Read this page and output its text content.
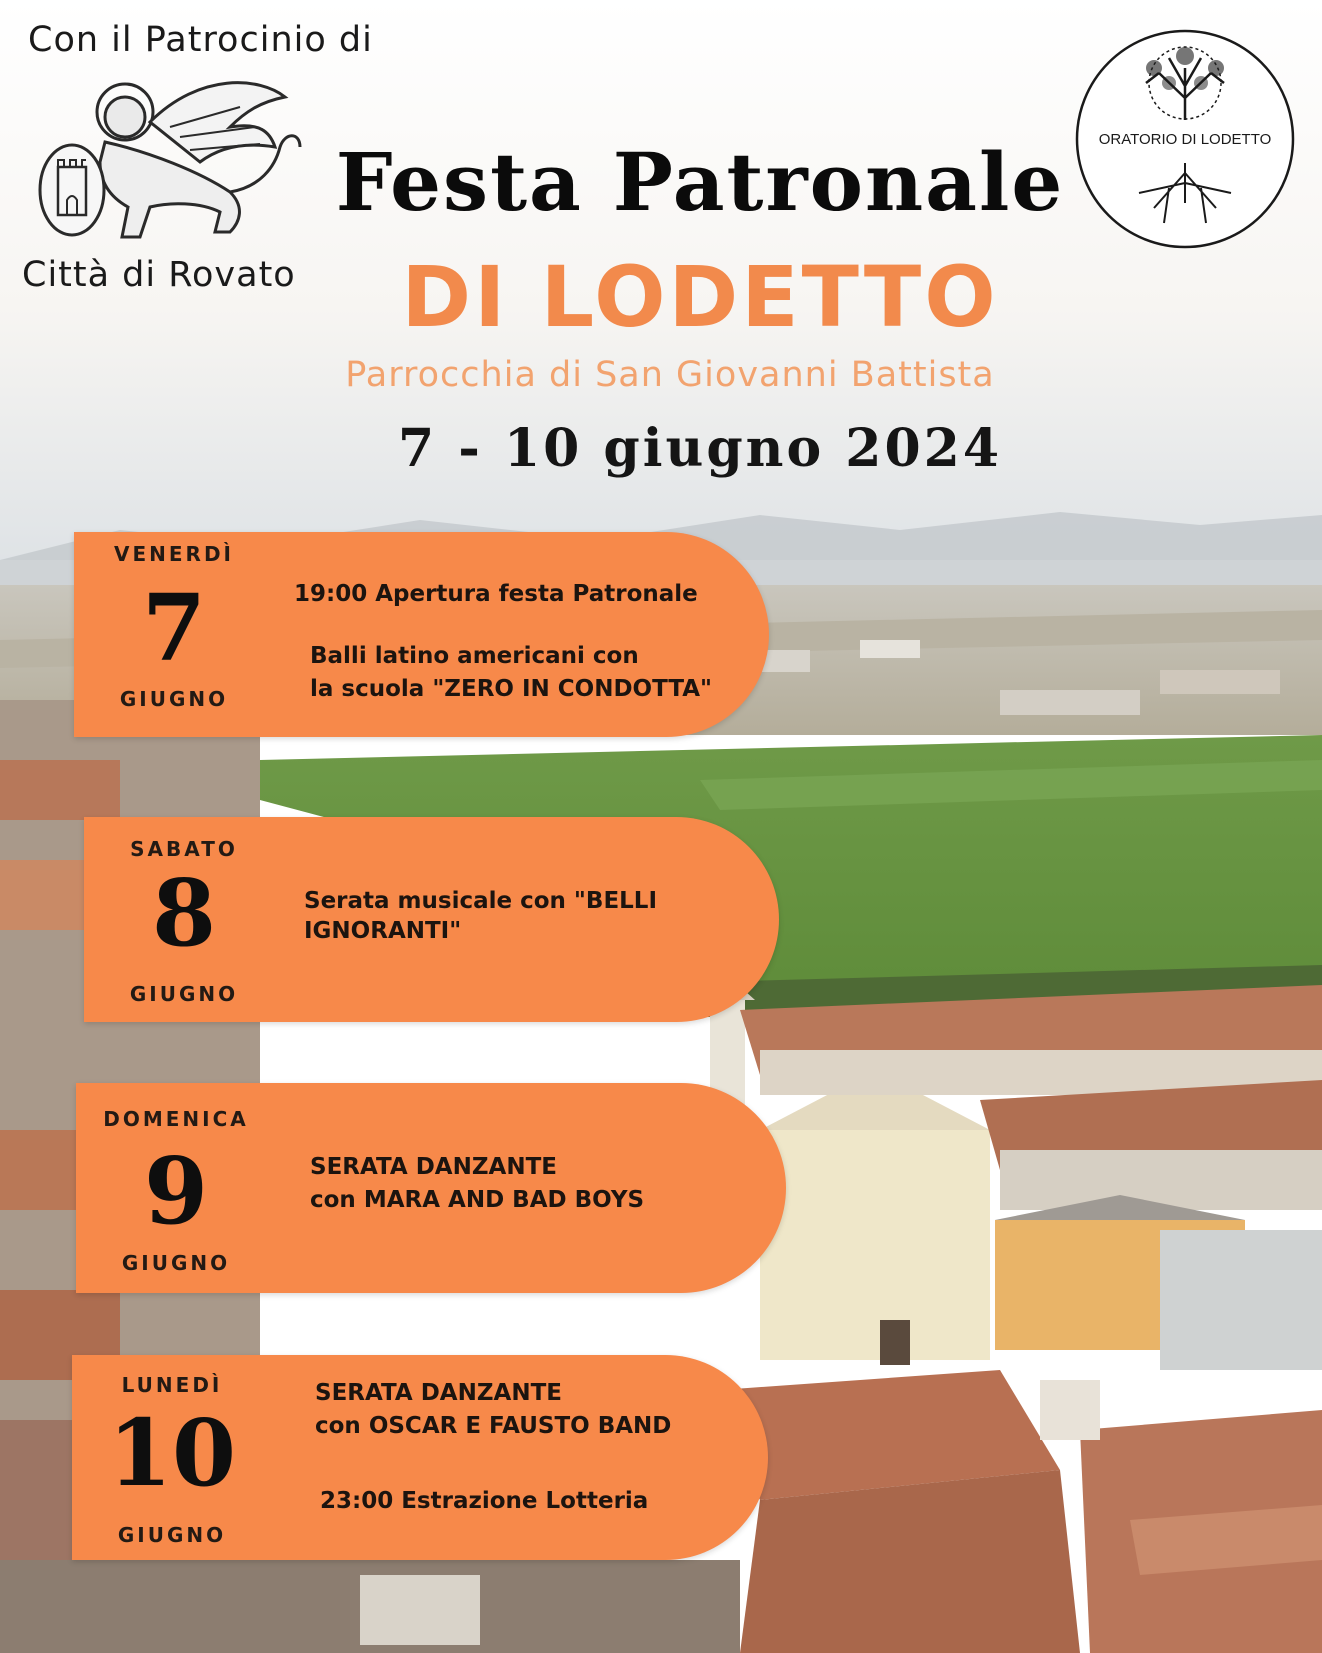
Con il Patrocinio di
Città di Rovato
Festa Patronale
DI LODETTO
Parrocchia di San Giovanni Battista
7 - 10 giugno 2024
ORATORIO DI LODETTO
VENERDÌ
7
GIUGNO
19:00 Apertura festa Patronale
Balli latino americani con
la scuola "ZERO IN CONDOTTA"
SABATO
8
GIUGNO
Serata musicale con "BELLI
IGNORANTI"
DOMENICA
9
GIUGNO
SERATA DANZANTE
con MARA AND BAD BOYS
LUNEDÌ
10
GIUGNO
SERATA DANZANTE
con OSCAR E FAUSTO BAND
23:00 Estrazione Lotteria
